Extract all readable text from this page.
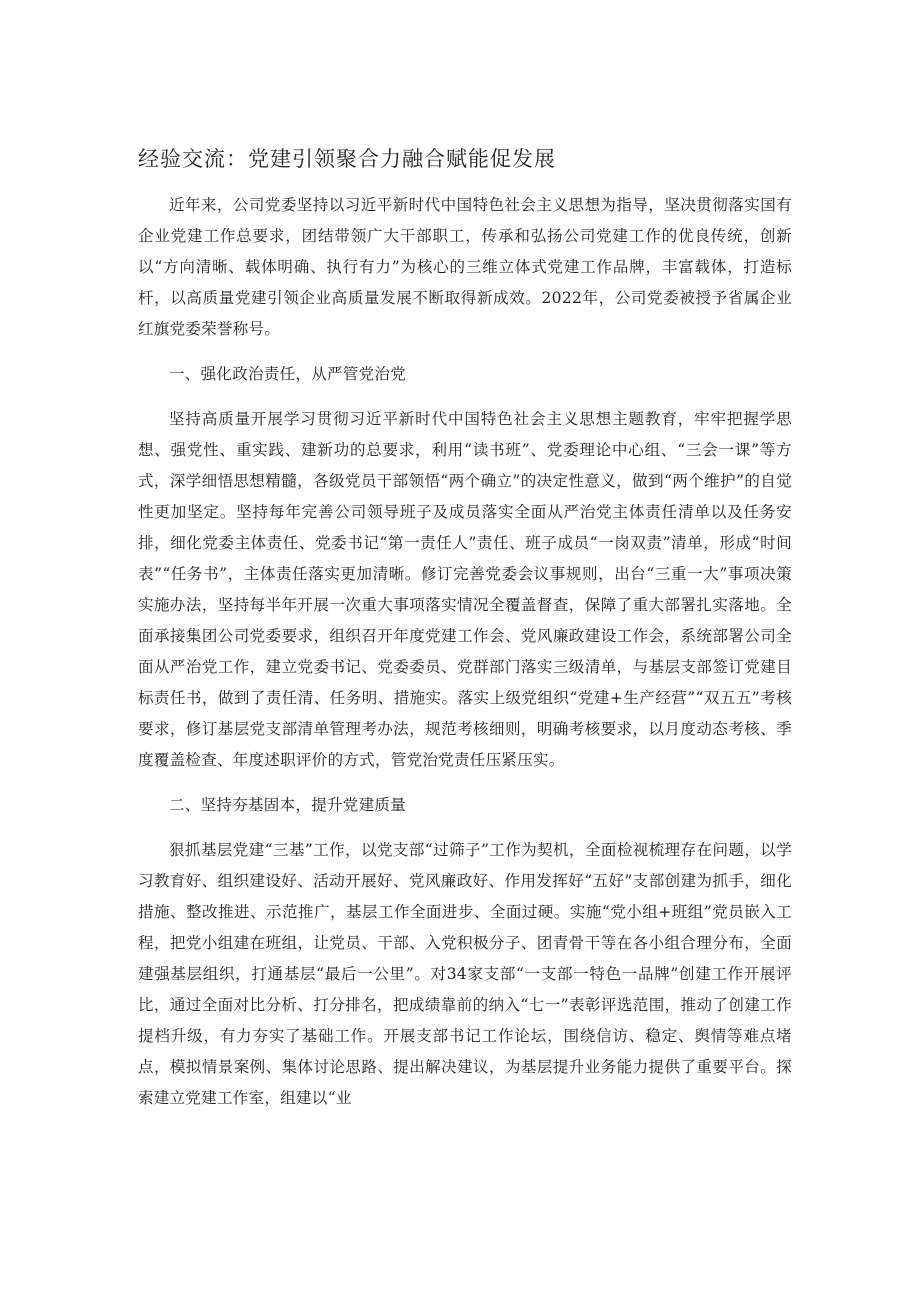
经验交流：党建引领聚合力融合赋能促发展

近年来，公司党委坚持以习近平新时代中国特色社会主义思想为指导，坚决贯彻落实国有企业党建工作总要求，团结带领广大干部职工，传承和弘扬公司党建工作的优良传统，创新以“方向清晰、载体明确、执行有力”为核心的三维立体式党建工作品牌，丰富载体，打造标杆，以高质量党建引领企业高质量发展不断取得新成效。2022年，公司党委被授予省属企业红旗党委荣誉称号。

一、强化政治责任，从严管党治党

坚持高质量开展学习贯彻习近平新时代中国特色社会主义思想主题教育，牢牢把握学思想、强党性、重实践、建新功的总要求，利用“读书班”、党委理论中心组、“三会一课”等方式，深学细悟思想精髓，各级党员干部领悟“两个确立”的决定性意义，做到“两个维护”的自觉性更加坚定。坚持每年完善公司领导班子及成员落实全面从严治党主体责任清单以及任务安排，细化党委主体责任、党委书记“第一责任人”责任、班子成员“一岗双责”清单，形成“时间表”“任务书”，主体责任落实更加清晰。修订完善党委会议事规则，出台“三重一大”事项决策实施办法，坚持每半年开展一次重大事项落实情况全覆盖督查，保障了重大部署扎实落地。全面承接集团公司党委要求，组织召开年度党建工作会、党风廉政建设工作会，系统部署公司全面从严治党工作，建立党委书记、党委委员、党群部门落实三级清单，与基层支部签订党建目标责任书，做到了责任清、任务明、措施实。落实上级党组织“党建+生产经营”“双五五”考核要求，修订基层党支部清单管理考办法，规范考核细则，明确考核要求，以月度动态考核、季度覆盖检查、年度述职评价的方式，管党治党责任压紧压实。

二、坚持夯基固本，提升党建质量

狠抓基层党建“三基”工作，以党支部“过筛子”工作为契机，全面检视梳理存在问题，以学习教育好、组织建设好、活动开展好、党风廉政好、作用发挥好“五好”支部创建为抓手，细化措施、整改推进、示范推广，基层工作全面进步、全面过硬。实施“党小组+班组”党员嵌入工程，把党小组建在班组，让党员、干部、入党积极分子、团青骨干等在各小组合理分布，全面建强基层组织，打通基层“最后一公里”。对34家支部“一支部一特色一品牌”创建工作开展评比，通过全面对比分析、打分排名，把成绩靠前的纳入“七一”表彰评选范围，推动了创建工作提档升级，有力夯实了基础工作。开展支部书记工作论坛，围绕信访、稳定、舆情等难点堵点，模拟情景案例、集体讨论思路、提出解决建议，为基层提升业务能力提供了重要平台。探索建立党建工作室，组建以“业
